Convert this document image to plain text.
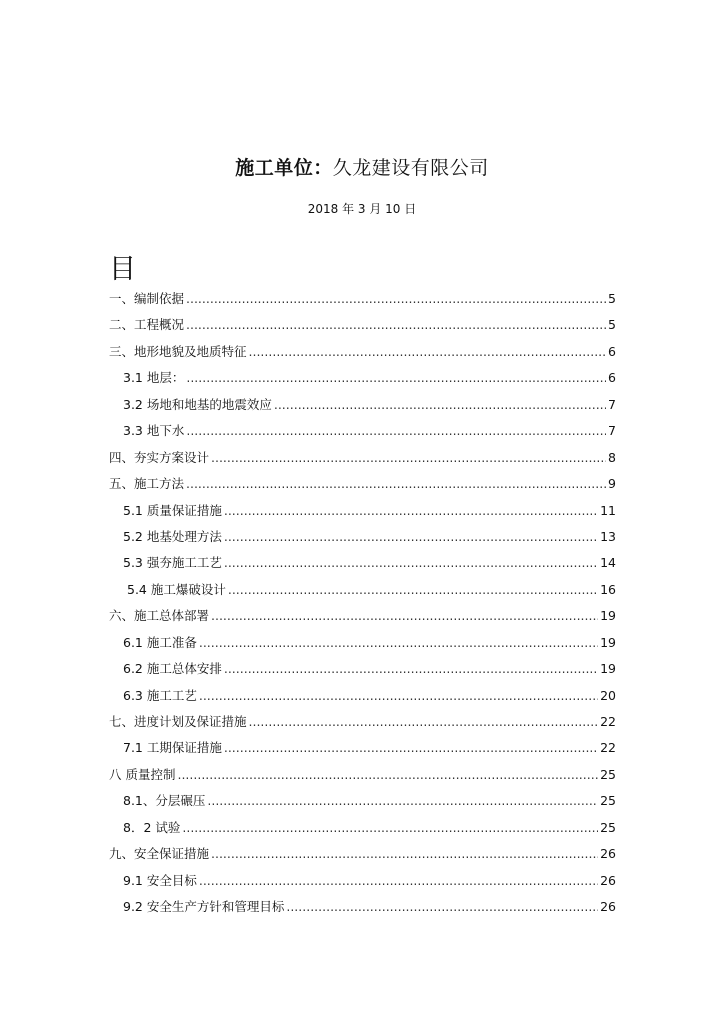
施工单位：久龙建设有限公司
2018 年 3 月 10 日
目
一、编制依据 .....	5
二、工程概况 .....	5
三、地形地貌及地质特征 .....	6
3.1 地层： .....	6
3.2 场地和地基的地震效应 .....	7
3.3 地下水 .....	7
四、夯实方案设计 .....	8
五、施工方法 .....	9
5.1 质量保证措施 .....	11
5.2 地基处理方法 .....	13
5.3 强夯施工工艺 .....	14
5.4 施工爆破设计 .....	16
六、施工总体部署 .....	19
6.1 施工准备 .....	19
6.2 施工总体安排 .....	19
6.3 施工工艺 .....	20
七、进度计划及保证措施 .....	22
7.1 工期保证措施 .....	22
八 质量控制 .....	25
8.1、分层碾压 .....	25
8．2 试验 .....	25
九、安全保证措施 .....	26
9.1 安全目标 .....	26
9.2 安全生产方针和管理目标 .....	26
